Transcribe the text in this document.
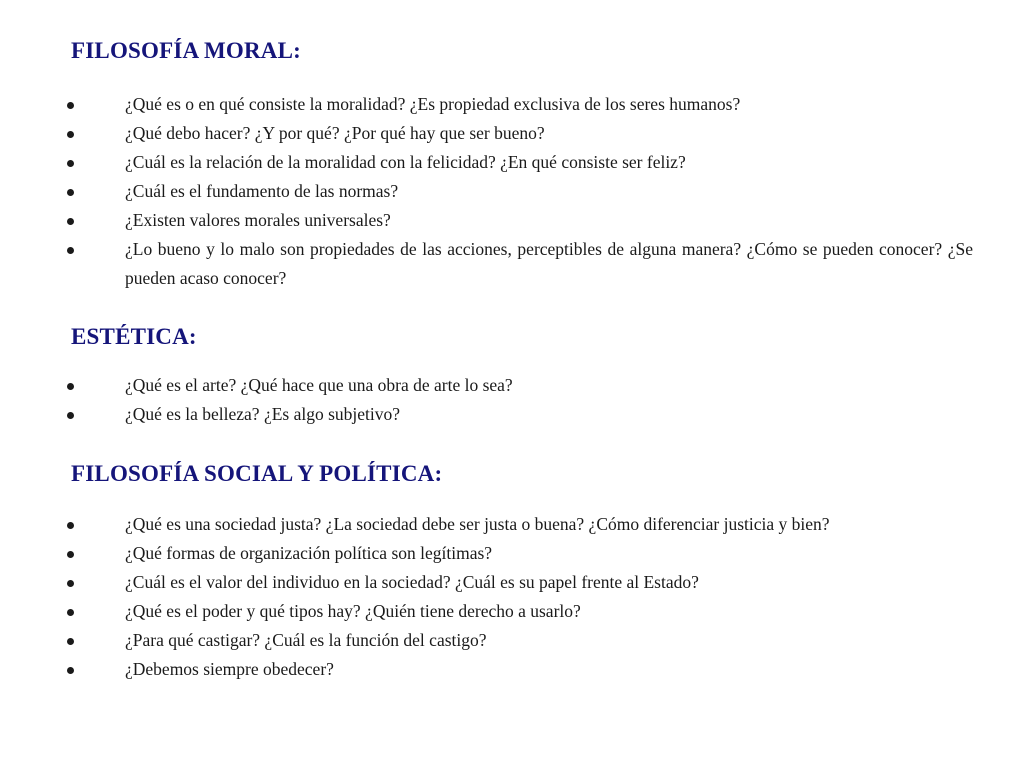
FILOSOFÍA MORAL:
¿Qué es o en qué consiste la moralidad? ¿Es propiedad exclusiva de los seres humanos?
¿Qué debo hacer? ¿Y por qué? ¿Por qué hay que ser bueno?
¿Cuál es la relación de la moralidad con la felicidad? ¿En qué consiste ser feliz?
¿Cuál es el fundamento de las normas?
¿Existen valores morales universales?
¿Lo bueno y lo malo son propiedades de las acciones, perceptibles de alguna manera? ¿Cómo se pueden conocer? ¿Se pueden acaso conocer?
ESTÉTICA:
¿Qué es el arte? ¿Qué hace que una obra de arte lo sea?
¿Qué es la belleza? ¿Es algo subjetivo?
FILOSOFÍA SOCIAL Y POLÍTICA:
¿Qué es una sociedad justa? ¿La sociedad debe ser justa o buena? ¿Cómo diferenciar justicia y bien?
¿Qué formas de organización política son legítimas?
¿Cuál es el valor del individuo en la sociedad? ¿Cuál es su papel frente al Estado?
¿Qué es el poder y qué tipos hay? ¿Quién tiene derecho a usarlo?
¿Para qué castigar? ¿Cuál es la función del castigo?
¿Debemos siempre obedecer?
